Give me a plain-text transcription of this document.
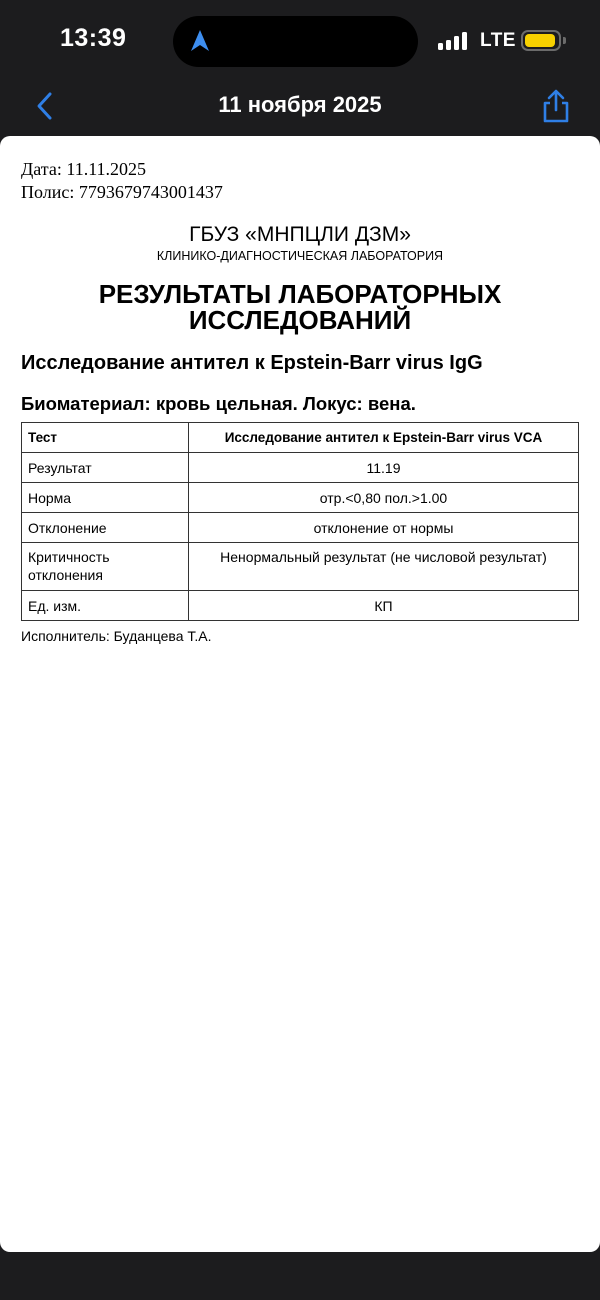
13:39	LTE
11 ноября 2025
Дата: 11.11.2025
Полис: 7793679743001437
ГБУЗ «МНПЦЛИ ДЗМ»
КЛИНИКО-ДИАГНОСТИЧЕСКАЯ ЛАБОРАТОРИЯ
РЕЗУЛЬТАТЫ ЛАБОРАТОРНЫХ
ИССЛЕДОВАНИЙ
Исследование антител к Epstein-Barr virus IgG
Биоматериал: кровь цельная. Локус: вена.
Тест	Исследование антител к Epstein-Barr virus VCA
Результат	11.19
Норма	отр.<0,80 пол.>1.00
Отклонение	отклонение от нормы

Критичность
отклонения	Ненормальный результат (не числовой результат)
Ед. изм.	КП
Исполнитель: Буданцева Т.А.
